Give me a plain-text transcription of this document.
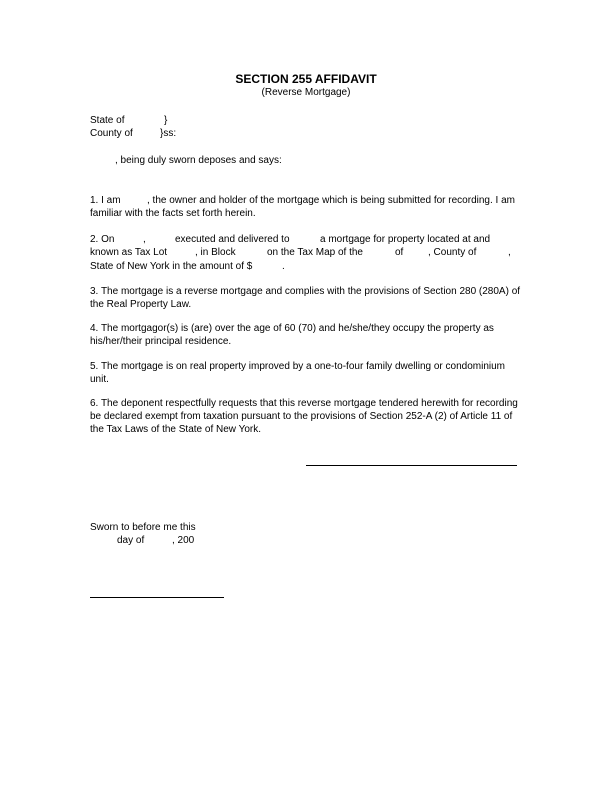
SECTION 255 AFFIDAVIT
(Reverse Mortgage)
State of	}
County of	}ss:
, being duly sworn deposes and says:
1. I am	, the owner and holder of the mortgage which is being submitted for recording. I am
familiar with the facts set forth herein.
2. On	,	executed and delivered to	a mortgage for property located at and
known as Tax Lot	, in Block	on the Tax Map of the	of , County of	,
State of New York in the amount of $	.
3. The mortgage is a reverse mortgage and complies with the provisions of Section 280 (280A) of
the Real Property Law.
4. The mortgagor(s) is (are) over the age of 60 (70) and he/she/they occupy the property as
his/her/their principal residence.
5. The mortgage is on real property improved by a one-to-four family dwelling or condominium
unit.
6. The deponent respectfully requests that this reverse mortgage tendered herewith for recording
be declared exempt from taxation pursuant to the provisions of Section 252-A (2) of Article 11 of
the Tax Laws of the State of New York.
Sworn to before me this
day of	, 200
